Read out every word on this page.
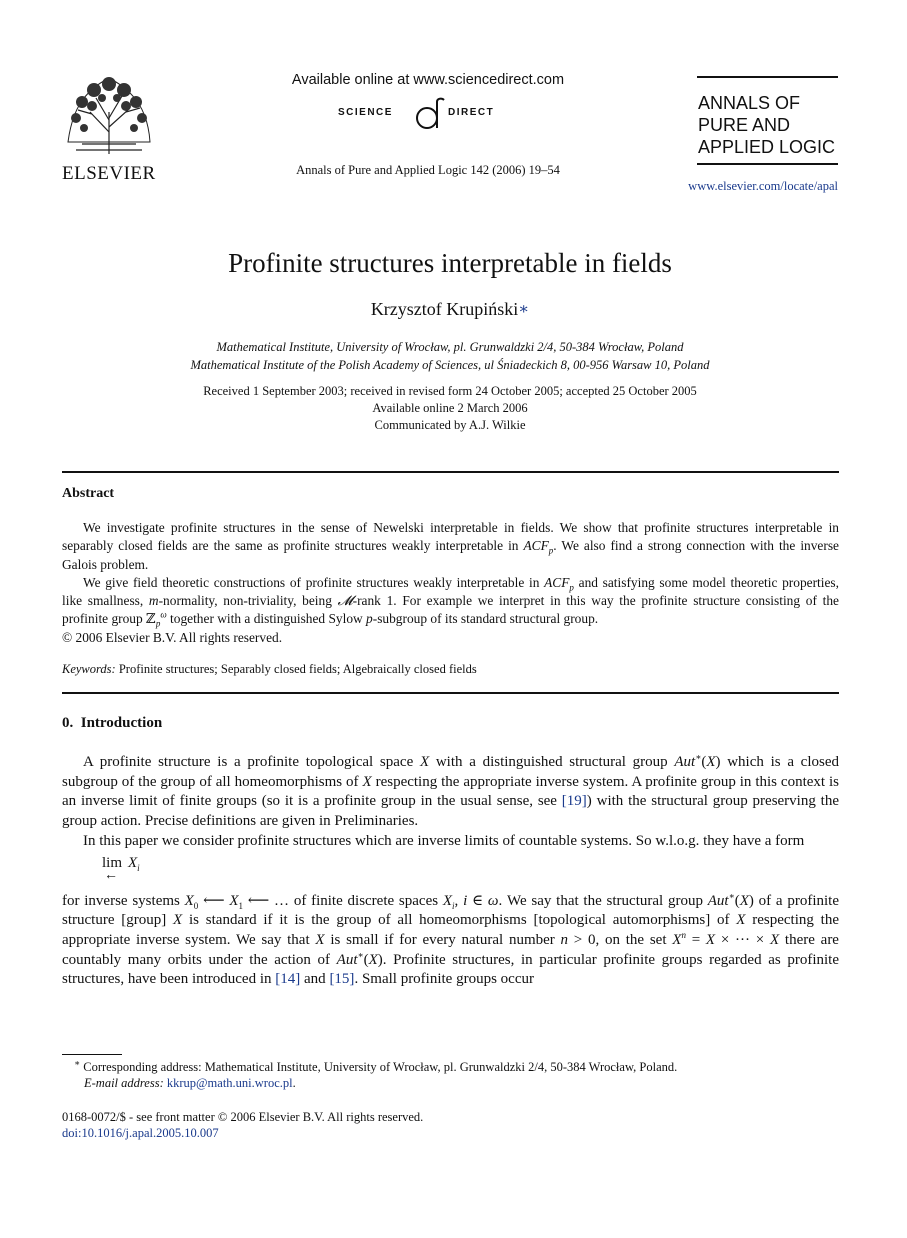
ELSEVIER
Available online at www.sciencedirect.com
SCIENCE	DIRECT
Annals of Pure and Applied Logic 142 (2006) 19–54
ANNALS OF
PURE AND
APPLIED LOGIC
www.elsevier.com/locate/apal
Profinite structures interpretable in fields
Krzysztof Krupiński∗
Mathematical Institute, University of Wrocław, pl. Grunwaldzki 2/4, 50-384 Wrocław, Poland
Mathematical Institute of the Polish Academy of Sciences, ul Śniadeckich 8, 00-956 Warsaw 10, Poland
Received 1 September 2003; received in revised form 24 October 2005; accepted 25 October 2005
Available online 2 March 2006
Communicated by A.J. Wilkie
Abstract

We investigate profinite structures in the sense of Newelski interpretable in fields. We show that profinite structures interpretable in separably closed fields are the same as profinite structures weakly interpretable in $ACF_p$. We also find a strong connection with the inverse Galois problem.

We give field theoretic constructions of profinite structures weakly interpretable in $ACF_p$ and satisfying some model theoretic properties, like smallness, m-normality, non-triviality, being 𝓜-rank 1. For example we interpret in this way the profinite structure consisting of the profinite group ℤ$_p^\omega$ together with a distinguished Sylow p-subgroup of its standard structural group.

© 2006 Elsevier B.V. All rights reserved.

Keywords: Profinite structures; Separably closed fields; Algebraically closed fields
0. Introduction

A profinite structure is a profinite topological space X with a distinguished structural group Aut∗(X) which is a closed subgroup of the group of all homeomorphisms of X respecting the appropriate inverse system. A profinite group in this context is an inverse limit of finite groups (so it is a profinite group in the usual sense, see [19]) with the structural group preserving the group action. Precise definitions are given in Preliminaries.

In this paper we consider profinite structures which are inverse limits of countable systems. So w.l.o.g. they have a form

lim
←
$X_i$

for inverse systems $X_0$ ⟵ $X_1$ ⟵ … of finite discrete spaces $X_i$, i ∈ ω. We say that the structural group Aut∗(X) of a profinite structure [group] X is standard if it is the group of all homeomorphisms [topological automorphisms] of X respecting the appropriate inverse system. We say that X is small if for every natural number n > 0, on the set $X^n = X$ × ··· × X there are countably many orbits under the action of Aut∗(X). Profinite structures, in particular profinite groups regarded as profinite structures, have been introduced in [14] and [15]. Small profinite groups occur

∗ Corresponding address: Mathematical Institute, University of Wrocław, pl. Grunwaldzki 2/4, 50-384 Wrocław, Poland.
E-mail address: kkrup@math.uni.wroc.pl.
0168-0072/$ - see front matter © 2006 Elsevier B.V. All rights reserved.
doi:10.1016/j.apal.2005.10.007
